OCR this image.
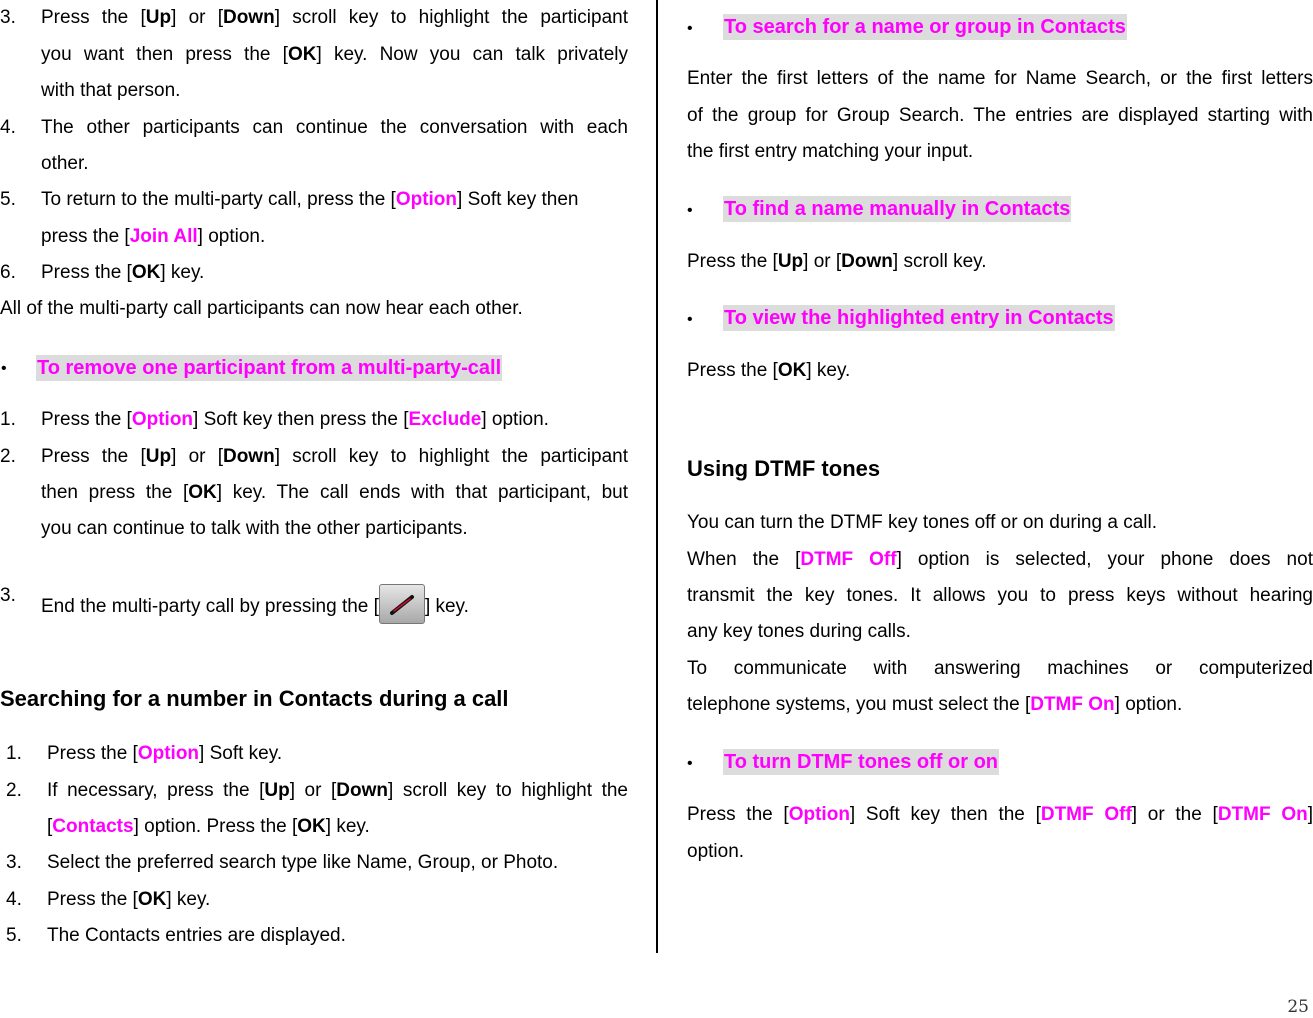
3. Press the [Up] or [Down] scroll key to highlight the participant
you want then press the [OK] key. Now you can talk privately
with that person.
4. The other participants can continue the conversation with each
other.
5. To return to the multi-party call, press the [Option] Soft key then
press the [Join All] option.
6. Press the [OK] key.
All of the multi-party call participants can now hear each other.
• To remove one participant from a multi-party-call
1. Press the [Option] Soft key then press the [Exclude] option.
2. Press the [Up] or [Down] scroll key to highlight the participant
then press the [OK] key. The call ends with that participant, but
you can continue to talk with the other participants.
3.
End the multi-party call by pressing the [ ] key.
Searching for a number in Contacts during a call
1. Press the [Option] Soft key.
2. If necessary, press the [Up] or [Down] scroll key to highlight the
[Contacts] option. Press the [OK] key.
3. Select the preferred search type like Name, Group, or Photo.
4. Press the [OK] key.
5. The Contacts entries are displayed.
• To search for a name or group in Contacts
Enter the first letters of the name for Name Search, or the first letters
of the group for Group Search. The entries are displayed starting with
the first entry matching your input.
• To find a name manually in Contacts
Press the [Up] or [Down] scroll key.
• To view the highlighted entry in Contacts
Press the [OK] key.
Using DTMF tones
You can turn the DTMF key tones off or on during a call.
When the [DTMF Off] option is selected, your phone does not
transmit the key tones. It allows you to press keys without hearing
any key tones during calls.
To communicate with answering machines or computerized
telephone systems, you must select the [DTMF On] option.
• To turn DTMF tones off or on
Press the [Option] Soft key then the [DTMF Off] or the [DTMF On]
option.
25
